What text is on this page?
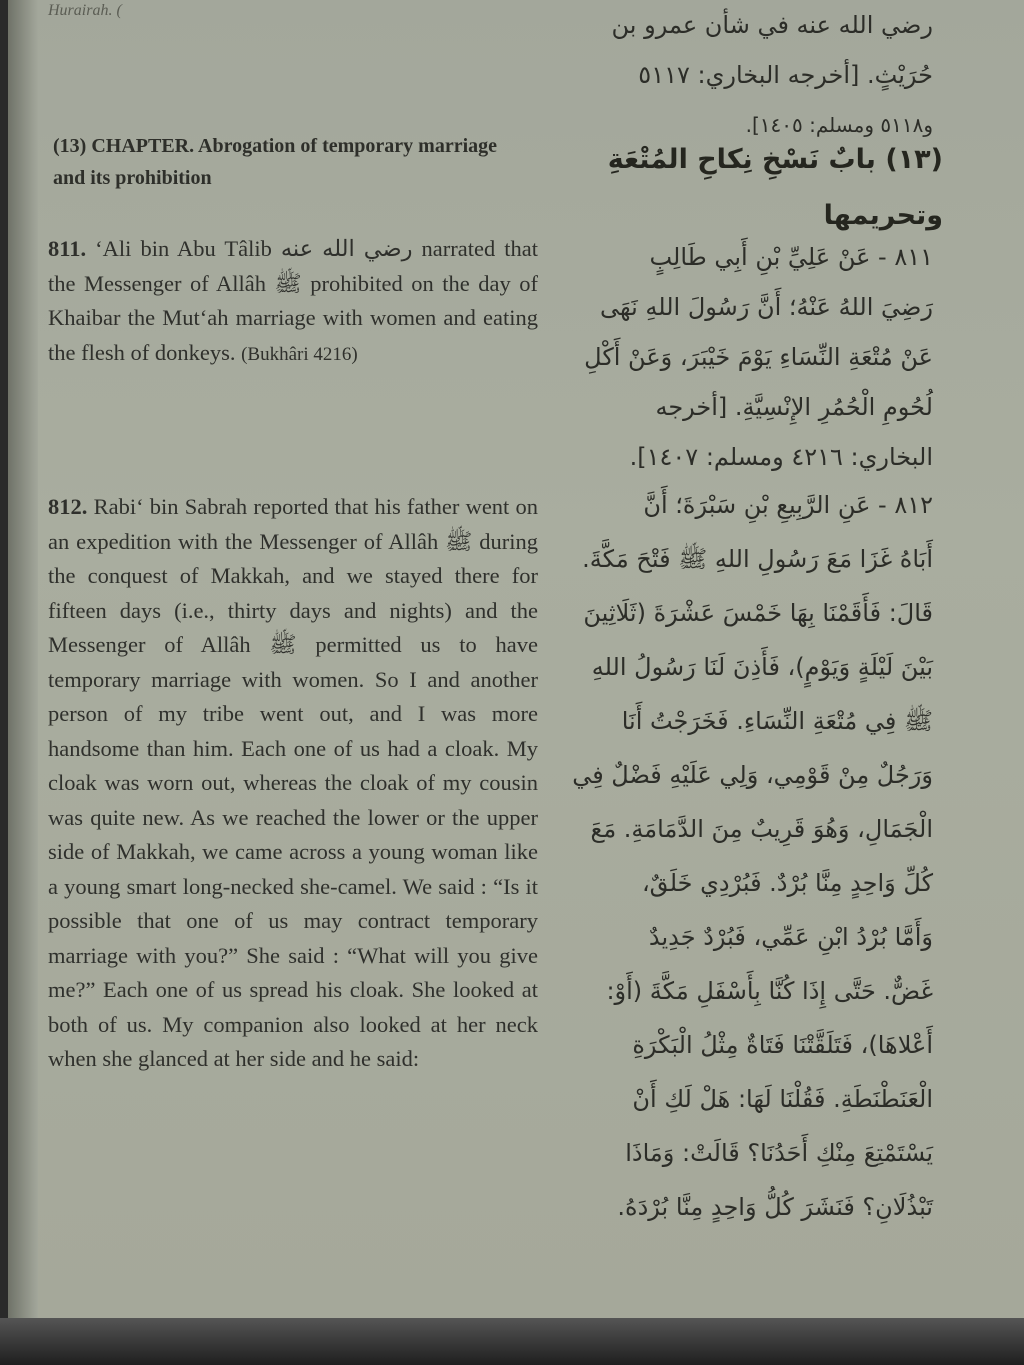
Hurairah. (
رضي الله عنه في شأن عمرو بن
حُرَيْثٍ. [أخرجه البخاري: ٥١١٧
و٥١١٨ ومسلم: ١٤٠٥].
(13) CHAPTER. Abrogation of temporary marriage and its prohibition
(١٣) بابٌ نَسْخِ نِكاحِ المُتْعَةِ
وتحريمها
811. ‘Ali bin Abu Tâlib رضي الله عنه narrated that the Messenger of Allâh ﷺ prohibited on the day of Khaibar the Mut‘ah marriage with women and eating the flesh of donkeys. (Bukhâri 4216)
٨١١ - عَنْ عَلِيِّ بْنِ أَبِي طَالِبٍ
رَضِيَ اللهُ عَنْهُ؛ أَنَّ رَسُولَ اللهِ نَهَى
عَنْ مُتْعَةِ النِّسَاءِ يَوْمَ خَيْبَرَ، وَعَنْ أَكْلِ
لُحُومِ الْحُمُرِ الإِنْسِيَّةِ. [أخرجه
البخاري: ٤٢١٦ ومسلم: ١٤٠٧].
812. Rabi‘ bin Sabrah reported that his father went on an expedition with the Messenger of Allâh ﷺ during the conquest of Makkah, and we stayed there for fifteen days (i.e., thirty days and nights) and the Messenger of Allâh ﷺ permitted us to have temporary marriage with women. So I and another person of my tribe went out, and I was more handsome than him. Each one of us had a cloak. My cloak was worn out, whereas the cloak of my cousin was quite new. As we reached the lower or the upper side of Makkah, we came across a young woman like a young smart long-necked she-camel. We said : “Is it possible that one of us may contract temporary marriage with you?” She said : “What will you give me?” Each one of us spread his cloak. She looked at both of us. My companion also looked at her neck when she glanced at her side and he said:
٨١٢ - عَنِ الرَّبِيعِ بْنِ سَبْرَةَ؛ أَنَّ
أَبَاهُ غَزَا مَعَ رَسُولِ اللهِ ﷺ فَتْحَ مَكَّةَ.
قَالَ: فَأَقَمْنَا بِهَا خَمْسَ عَشْرَةَ (ثَلَاثِينَ
بَيْنَ لَيْلَةٍ وَيَوْمٍ)، فَأَذِنَ لَنَا رَسُولُ اللهِ
ﷺ فِي مُتْعَةِ النِّسَاءِ. فَخَرَجْتُ أَنَا
وَرَجُلٌ مِنْ قَوْمِي، وَلِي عَلَيْهِ فَضْلٌ فِي
الْجَمَالِ، وَهُوَ قَرِيبٌ مِنَ الدَّمَامَةِ. مَعَ
كُلِّ وَاحِدٍ مِنَّا بُرْدٌ. فَبُرْدِي خَلَقٌ،
وَأَمَّا بُرْدُ ابْنِ عَمِّي، فَبُرْدٌ جَدِيدٌ
غَضٌّ. حَتَّى إِذَا كُنَّا بِأَسْفَلِ مَكَّةَ (أَوْ:
أَعْلاهَا)، فَتَلَقَّتْنَا فَتَاةٌ مِثْلُ الْبَكْرَةِ
الْعَنَطْنَطَةِ. فَقُلْنَا لَهَا: هَلْ لَكِ أَنْ
يَسْتَمْتِعَ مِنْكِ أَحَدُنَا؟ قَالَتْ: وَمَاذَا
تَبْذُلَانِ؟ فَنَشَرَ كُلُّ وَاحِدٍ مِنَّا بُرْدَهُ.
